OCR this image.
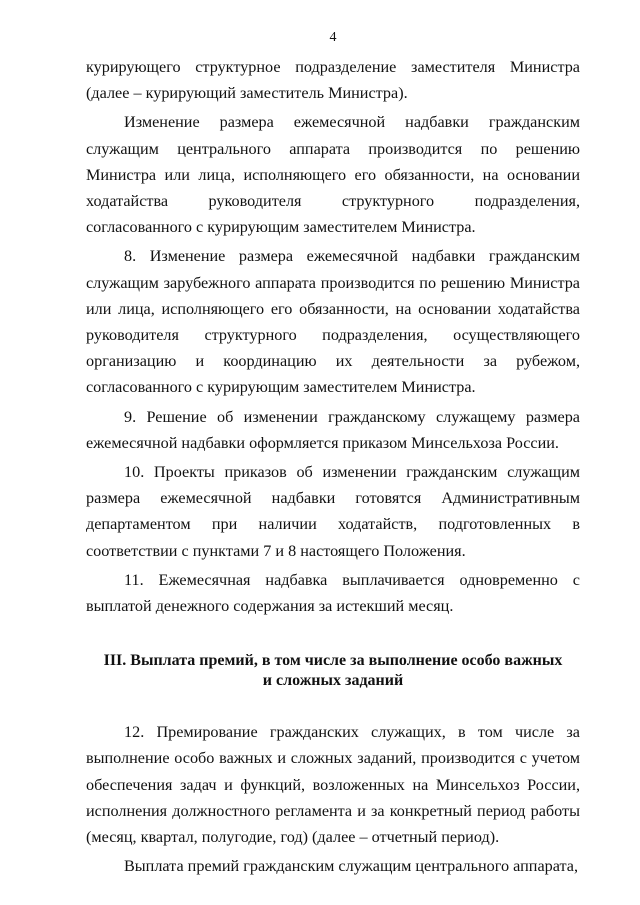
4

курирующего структурное подразделение заместителя Министра (далее – курирующий заместитель Министра).

Изменение размера ежемесячной надбавки гражданским служащим центрального аппарата производится по решению Министра или лица, исполняющего его обязанности, на основании ходатайства руководителя структурного подразделения, согласованного с курирующим заместителем Министра.

8. Изменение размера ежемесячной надбавки гражданским служащим зарубежного аппарата производится по решению Министра или лица, исполняющего его обязанности, на основании ходатайства руководителя структурного подразделения, осуществляющего организацию и координацию их деятельности за рубежом, согласованного с курирующим заместителем Министра.

9. Решение об изменении гражданскому служащему размера ежемесячной надбавки оформляется приказом Минсельхоза России.

10. Проекты приказов об изменении гражданским служащим размера ежемесячной надбавки готовятся Административным департаментом при наличии ходатайств, подготовленных в соответствии с пунктами 7 и 8 настоящего Положения.

11. Ежемесячная надбавка выплачивается одновременно с выплатой денежного содержания за истекший месяц.

III. Выплата премий, в том числе за выполнение особо важных
и сложных заданий

12. Премирование гражданских служащих, в том числе за выполнение особо важных и сложных заданий, производится с учетом обеспечения задач и функций, возложенных на Минсельхоз России, исполнения должностного регламента и за конкретный период работы (месяц, квартал, полугодие, год) (далее – отчетный период).

Выплата премий гражданским служащим центрального аппарата,
